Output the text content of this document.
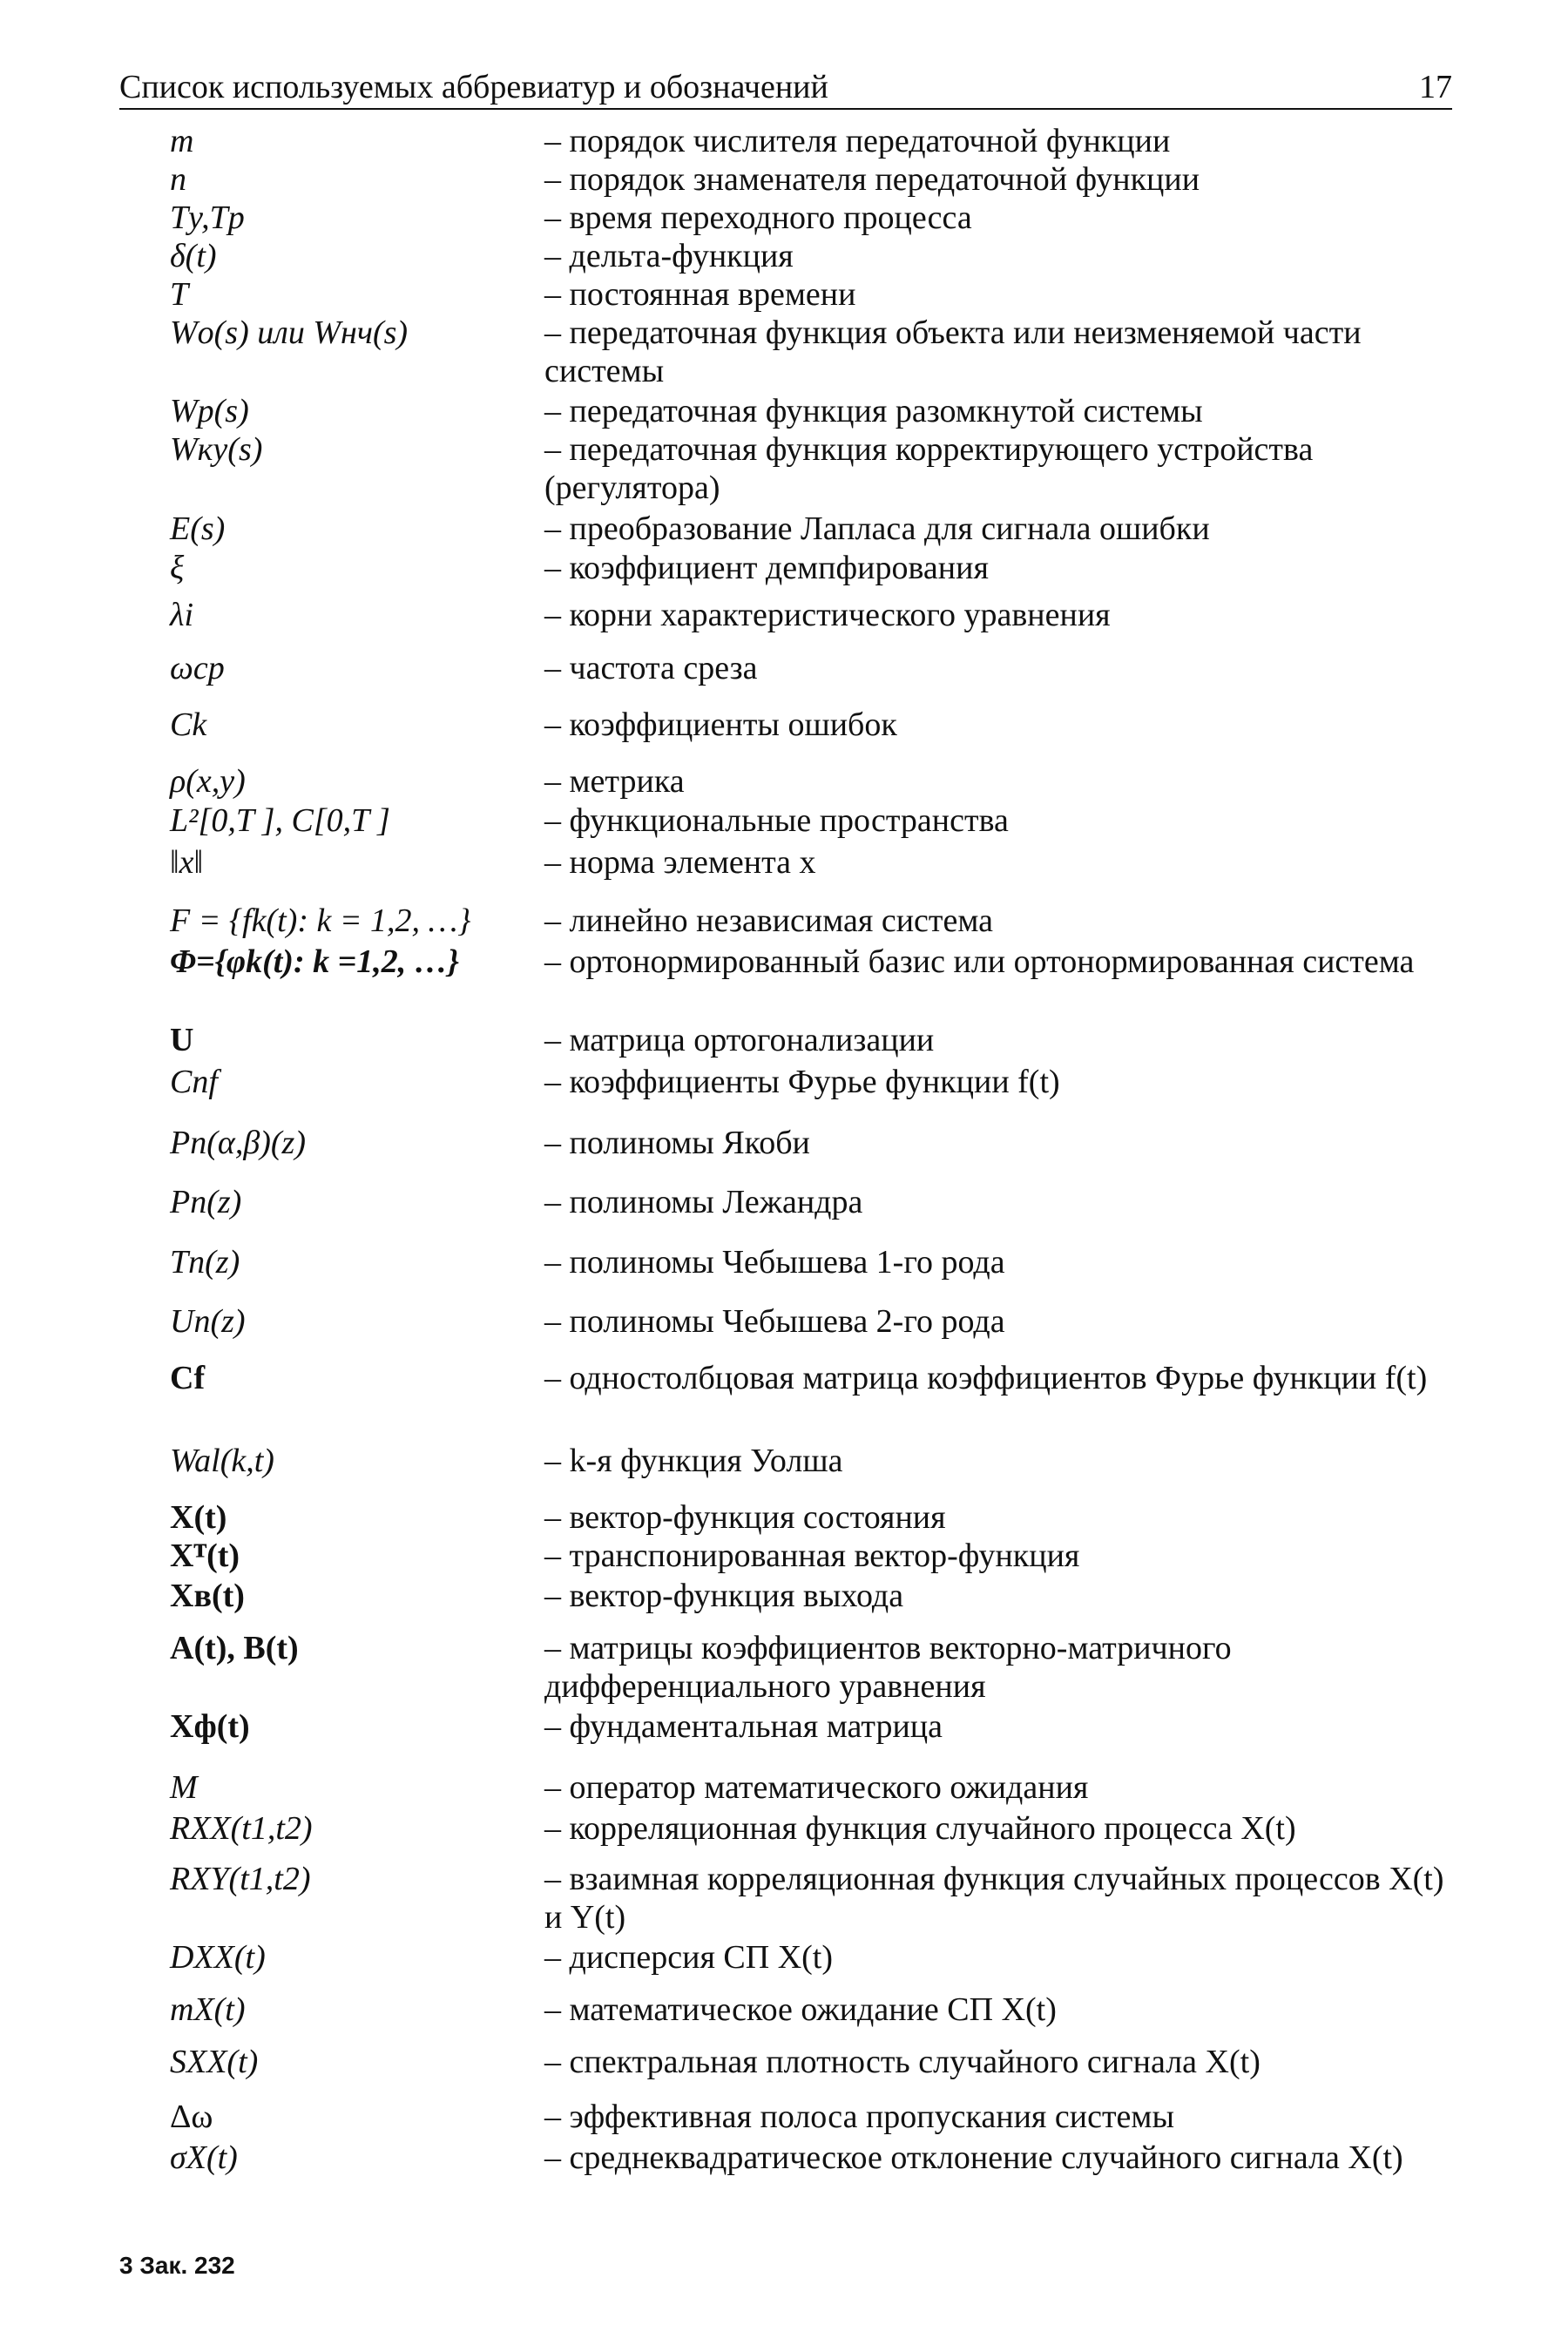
Список используемых аббревиатур и обозначений	17
m	– порядок числителя передаточной функции
n	– порядок знаменателя передаточной функции
Tу,Tр	– время переходного процесса
δ(t)	– дельта-функция
T	– постоянная времени
Wо(s) или Wнч(s)	– передаточная функция объекта или неизменяемой части системы
Wр(s)	– передаточная функция разомкнутой системы
Wку(s)	– передаточная функция корректирующего устройства (регулятора)
E(s)	– преобразование Лапласа для сигнала ошибки
ξ	– коэффициент демпфирования
λi	– корни характеристического уравнения
ωср	– частота среза
Ck	– коэффициенты ошибок
ρ(x,y)	– метрика
L²[0,T ], C[0,T ]	– функциональные пространства
‖x‖	– норма элемента x
F = {fk(t): k = 1,2, …}	– линейно независимая система
Φ={φk(t): k =1,2, …}	– ортонормированный базис или ортонормированная система
U	– матрица ортогонализации
Cnf	– коэффициенты Фурье функции f(t)
Pn(α,β)(z)	– полиномы Якоби
Pn(z)	– полиномы Лежандра
Tn(z)	– полиномы Чебышева 1-го рода
Un(z)	– полиномы Чебышева 2-го рода
Cf	– одностолбцовая матрица коэффициентов Фурье функции f(t)
Wal(k,t)	– k-я функция Уолша
X(t)	– вектор-функция состояния
Xᵀ(t)	– транспонированная вектор-функция
Xв(t)	– вектор-функция выхода
A(t), B(t)	– матрицы коэффициентов векторно-матричного дифференциального уравнения
Xф(t)	– фундаментальная матрица
M	– оператор математического ожидания
RXX(t1,t2)	– корреляционная функция случайного процесса X(t)
RXY(t1,t2)	– взаимная корреляционная функция случайных процессов X(t) и Y(t)
DXX(t)	– дисперсия СП X(t)
mX(t)	– математическое ожидание СП X(t)
SXX(t)	– спектральная плотность случайного сигнала X(t)
Δω	– эффективная полоса пропускания системы
σX(t)	– среднеквадратическое отклонение случайного сигнала X(t)
3 Зак. 232
